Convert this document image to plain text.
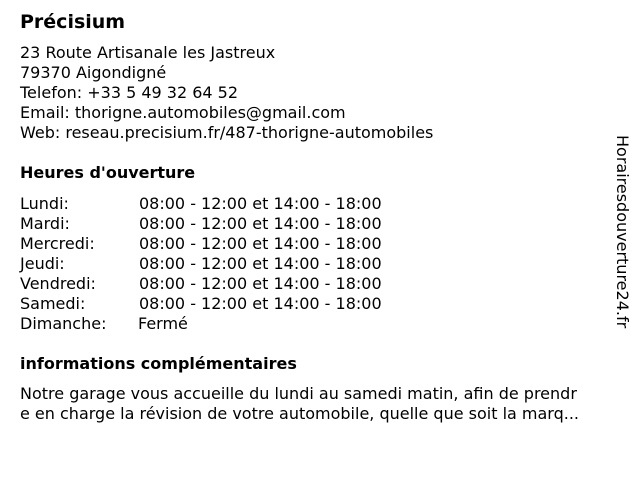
Précisium
23 Route Artisanale les Jastreux
79370 Aigondigné
Telefon: +33 5 49 32 64 52
Email: thorigne.automobiles@gmail.com
Web: reseau.precisium.fr/487-thorigne-automobiles
Heures d'ouverture
Lundi:	08:00 - 12:00 et 14:00 - 18:00
Mardi:	08:00 - 12:00 et 14:00 - 18:00
Mercredi:	08:00 - 12:00 et 14:00 - 18:00
Jeudi:	08:00 - 12:00 et 14:00 - 18:00
Vendredi:	08:00 - 12:00 et 14:00 - 18:00
Samedi:	08:00 - 12:00 et 14:00 - 18:00
Dimanche: Fermé
informations complémentaires
Notre garage vous accueille du lundi au samedi matin, afin de prendr
e en charge la révision de votre automobile, quelle que soit la marq...
Horairesdouverture24.fr
